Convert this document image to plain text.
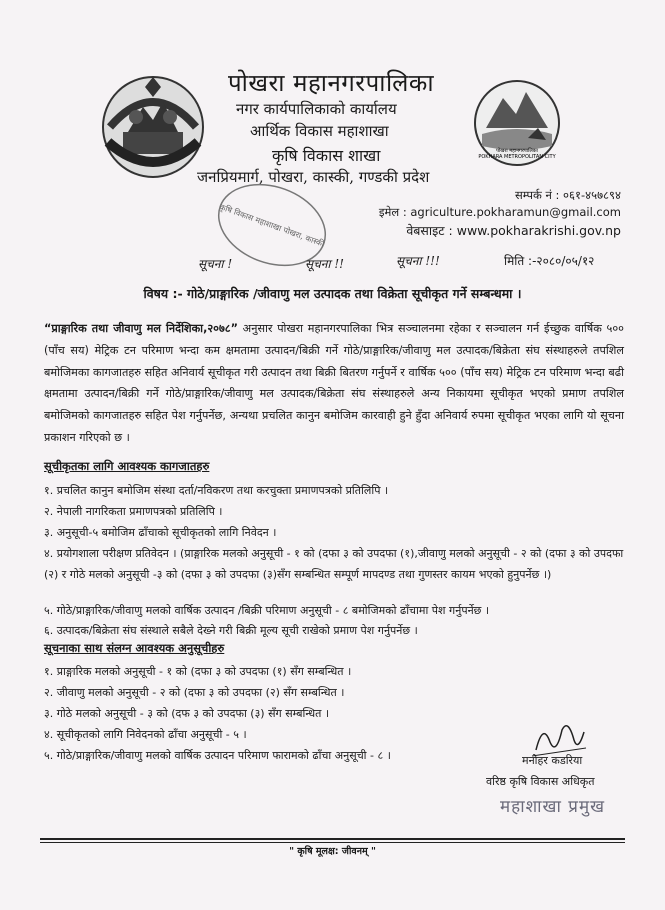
POKHARA METROPOLITAN CITY
पोखरा महानगरपालिका
पोखरा महानगरपालिका
नगर कार्यपालिकाको कार्यालय
आर्थिक विकास महाशाखा
कृषि विकास शाखा
जनप्रियमार्ग, पोखरा, कास्की, गण्डकी प्रदेश
सम्पर्क नं : ०६१-४५७८९४
इमेल : agriculture.pokharamun@gmail.com
वेबसाइट : www.pokharakrishi.gov.np
कृषि विकास महाशाखा पोखरा, कास्की
सूचना !	सूचना !!	सूचना !!!	मिति :-२०८०/०५/१२
विषय :- गोठे/प्राङ्गारिक /जीवाणु मल उत्पादक तथा विक्रेता सूचीकृत गर्ने सम्बन्धमा ।
“प्राङ्गारिक तथा जीवाणु मल निर्देशिका,२०७८” अनुसार पोखरा महानगरपालिका भित्र सञ्चालनमा रहेका र सञ्चालन गर्न ईच्छुक वार्षिक ५०० (पाँच सय) मेट्रिक टन परिमाण भन्दा कम क्षमतामा उत्पादन/बिक्री गर्ने गोठे/प्राङ्गारिक/जीवाणु मल उत्पादक/बिक्रेता संघ संस्थाहरुले तपशिल बमोजिमका कागजातहरु सहित अनिवार्य सूचीकृत गरी उत्पादन तथा बिक्री बितरण गर्नुपर्ने र वार्षिक ५०० (पाँच सय) मेट्रिक टन परिमाण भन्दा बढी क्षमतामा उत्पादन/बिक्री गर्ने गोठे/प्राङ्गारिक/जीवाणु मल उत्पादक/बिक्रेता संघ संस्थाहरुले अन्य निकायमा सूचीकृत भएको प्रमाण तपशिल बमोजिमको कागजातहरु सहित पेश गर्नुपर्नेछ, अन्यथा प्रचलित कानुन बमोजिम कारवाही हुने हुँदा अनिवार्य रुपमा सूचीकृत भएका लागि यो सूचना प्रकाशन गरिएको छ ।
सूचीकृतका लागि आवश्यक कागजातहरु
१. प्रचलित कानुन बमोजिम संस्था दर्ता/नविकरण तथा करचुक्ता प्रमाणपत्रको प्रतिलिपि ।
२. नेपाली नागरिकता प्रमाणपत्रको प्रतिलिपि ।
३. अनुसूची-५ बमोजिम ढाँचाको सूचीकृतको लागि निवेदन ।
४. प्रयोगशाला परीक्षण प्रतिवेदन । (प्राङ्गारिक मलको अनुसूची - १ को (दफा ३ को उपदफा (१),जीवाणु मलको अनुसूची - २ को (दफा ३ को उपदफा (२) र गोठे मलको अनुसूची -३ को (दफा ३ को उपदफा (३)सँग सम्बन्धित सम्पूर्ण मापदण्ड तथा गुणस्तर कायम भएको हुनुपर्नेछ ।)
५. गोठे/प्राङ्गारिक/जीवाणु मलको वार्षिक उत्पादन /बिक्री परिमाण अनुसूची - ८ बमोजिमको ढाँचामा पेश गर्नुपर्नेछ ।
६. उत्पादक/बिक्रेता संघ संस्थाले सबैले देख्ने गरी बिक्री मूल्य सूची राखेको प्रमाण पेश गर्नुपर्नेछ ।
सूचनाका साथ संलग्न आवश्यक अनुसूचीहरु
१. प्राङ्गारिक मलको अनुसूची - १ को (दफा ३ को उपदफा (१) सँग सम्बन्धित ।
२. जीवाणु मलको अनुसूची - २ को (दफा ३ को उपदफा (२) सँग सम्बन्धित ।
३. गोठे मलको अनुसूची - ३ को (दफ ३ को उपदफा (३) सँग सम्बन्धित ।
४. सूचीकृतको लागि निवेदनको ढाँचा अनुसूची - ५ ।
५. गोठे/प्राङ्गारिक/जीवाणु मलको वार्षिक उत्पादन परिमाण फारामको ढाँचा अनुसूची - ८ ।	मनोहर कडरिया
वरिष्ठ कृषि विकास अधिकृत
महाशाखा प्रमुख
" कृषि मूलक्ष: जीवनम् "
